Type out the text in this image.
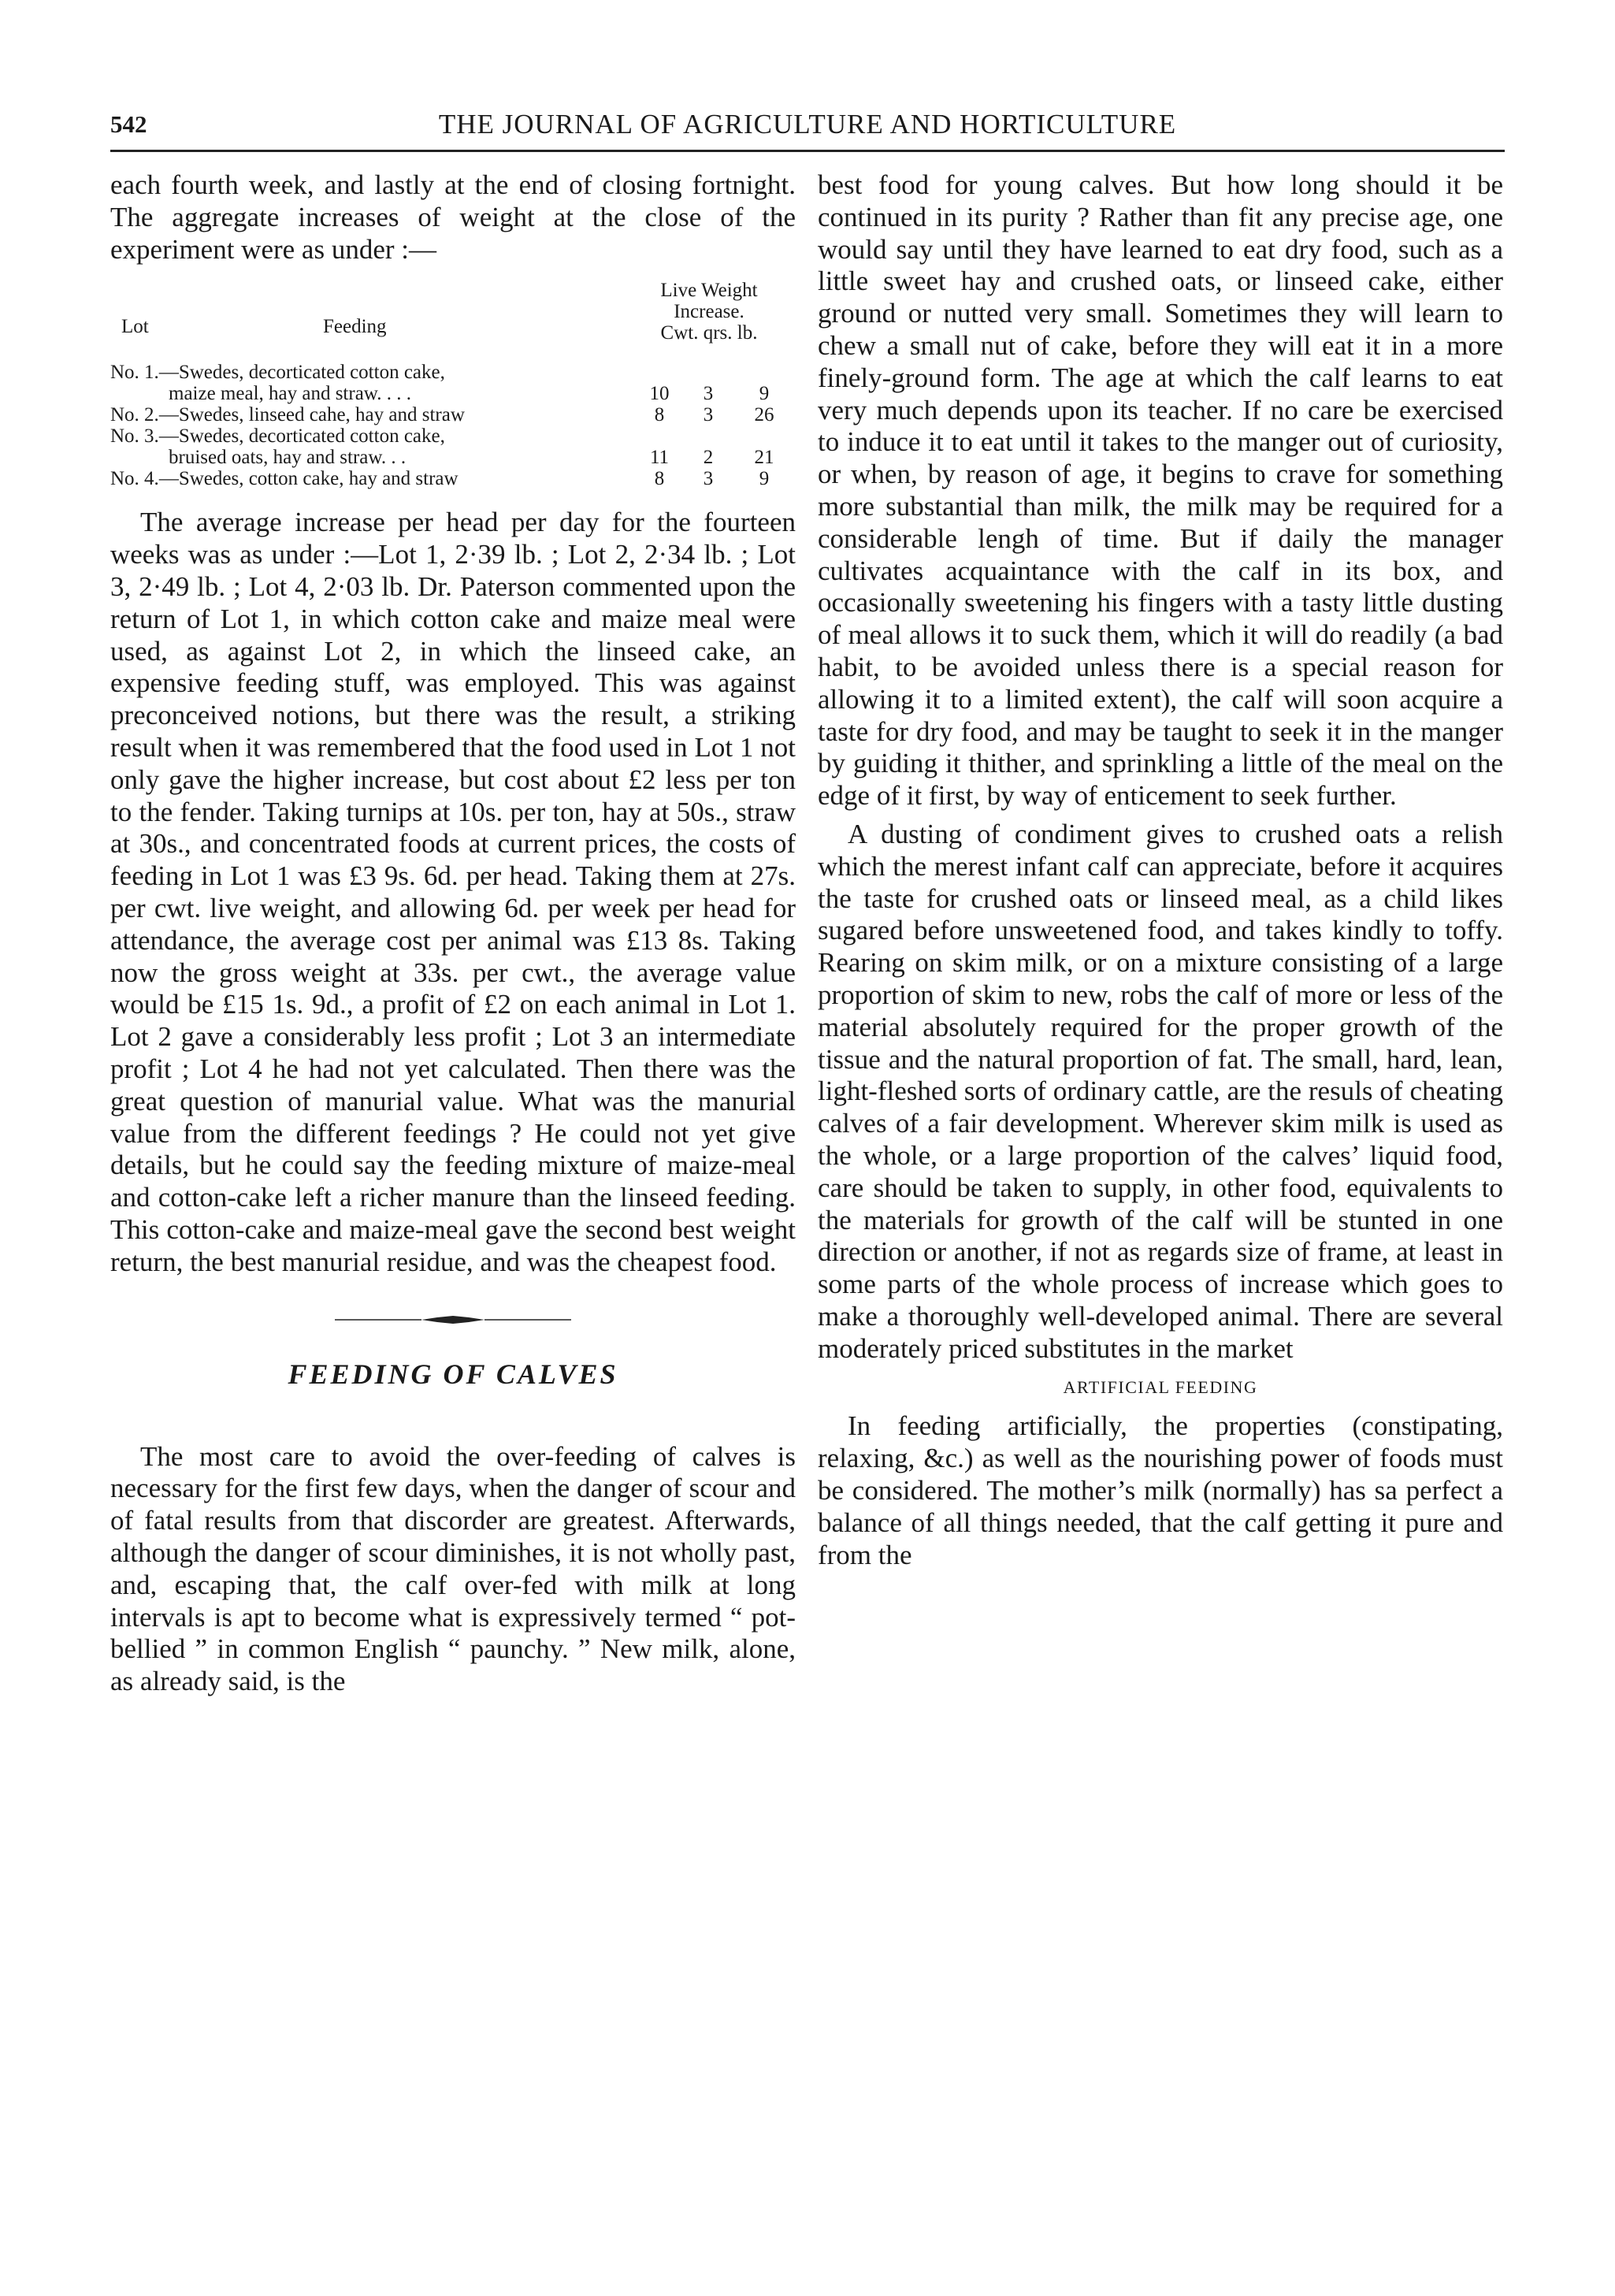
542	THE JOURNAL OF AGRICULTURE AND HORTICULTURE

each fourth week, and lastly at the end of closing fortnight. The aggregate increases of weight at the close of the experiment were as under :—

Lot	Feeding
Live Weight
Increase.
Cwt. qrs. lb.
No. 1.—Swedes, decorticated cotton cake,
maize meal, hay and straw. . . .	10	3	9
No. 2.—Swedes, linseed cahe, hay and straw	8	3	26
No. 3.—Swedes, decorticated cotton cake,
bruised oats, hay and straw. . .	11	2	21
No. 4.—Swedes, cotton cake, hay and straw	8	3	9

The average increase per head per day for the fourteen weeks was as under :—Lot 1, 2·39 lb. ; Lot 2, 2·34 lb. ; Lot 3, 2·49 lb. ; Lot 4, 2·03 lb. Dr. Paterson commented upon the return of Lot 1, in which cotton cake and maize meal were used, as against Lot 2, in which the linseed cake, an expensive feeding stuff, was employed. This was against preconceived notions, but there was the result, a striking result when it was remembered that the food used in Lot 1 not only gave the higher increase, but cost about £2 less per ton to the fender. Taking turnips at 10s. per ton, hay at 50s., straw at 30s., and concentrated foods at current prices, the costs of feeding in Lot 1 was £3 9s. 6d. per head. Taking them at 27s. per cwt. live weight, and allowing 6d. per week per head for attendance, the average cost per animal was £13 8s. Taking now the gross weight at 33s. per cwt., the average value would be £15 1s. 9d., a profit of £2 on each animal in Lot 1. Lot 2 gave a considerably less profit ; Lot 3 an intermediate profit ; Lot 4 he had not yet calculated. Then there was the great question of manurial value. What was the manurial value from the different feedings ? He could not yet give details, but he could say the feeding mixture of maize-meal and cotton-cake left a richer manure than the linseed feeding. This cotton-cake and maize-meal gave the second best weight return, the best manurial residue, and was the cheapest food.

FEEDING OF CALVES

The most care to avoid the over-feeding of calves is necessary for the first few days, when the danger of scour and of fatal results from that discorder are greatest. Afterwards, although the danger of scour diminishes, it is not wholly past, and, escaping that, the calf over-fed with milk at long intervals is apt to become what is expressively termed “ pot-bellied ” in common English “ paunchy. ” New milk, alone, as already said, is the

best food for young calves. But how long should it be continued in its purity ? Rather than fit any precise age, one would say until they have learned to eat dry food, such as a little sweet hay and crushed oats, or linseed cake, either ground or nutted very small. Sometimes they will learn to chew a small nut of cake, before they will eat it in a more finely-ground form. The age at which the calf learns to eat very much depends upon its teacher. If no care be exercised to induce it to eat until it takes to the manger out of curiosity, or when, by reason of age, it begins to crave for something more substantial than milk, the milk may be required for a considerable lengh of time. But if daily the manager cultivates acquaintance with the calf in its box, and occasionally sweetening his fingers with a tasty little dusting of meal allows it to suck them, which it will do readily (a bad habit, to be avoided unless there is a special reason for allowing it to a limited extent), the calf will soon acquire a taste for dry food, and may be taught to seek it in the manger by guiding it thither, and sprinkling a little of the meal on the edge of it first, by way of enticement to seek further.

A dusting of condiment gives to crushed oats a relish which the merest infant calf can appreciate, before it acquires the taste for crushed oats or linseed meal, as a child likes sugared before unsweetened food, and takes kindly to toffy. Rearing on skim milk, or on a mixture consisting of a large proportion of skim to new, robs the calf of more or less of the material absolutely required for the proper growth of the tissue and the natural proportion of fat. The small, hard, lean, light-fleshed sorts of ordinary cattle, are the resuls of cheating calves of a fair development. Wherever skim milk is used as the whole, or a large proportion of the calves’ liquid food, care should be taken to supply, in other food, equivalents to the materials for growth of the calf will be stunted in one direction or another, if not as regards size of frame, at least in some parts of the whole process of increase which goes to make a thoroughly well-developed animal. There are several moderately priced substitutes in the market

ARTIFICIAL FEEDING

In feeding artificially, the properties (constipating, relaxing, &c.) as well as the nourishing power of foods must be considered. The mother’s milk (normally) has sa perfect a balance of all things needed, that the calf getting it pure and from the
